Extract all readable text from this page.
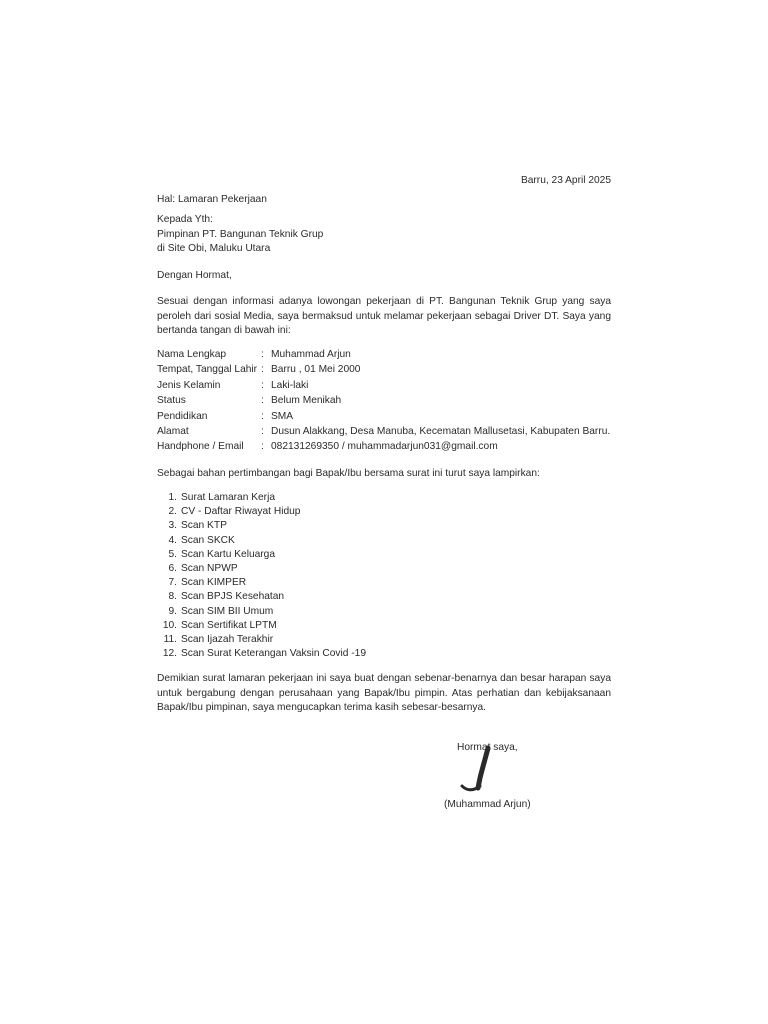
Barru, 23 April 2025
Hal: Lamaran Pekerjaan
Kepada Yth:
Pimpinan PT. Bangunan Teknik Grup
di Site Obi, Maluku Utara
Dengan Hormat,
Sesuai dengan informasi adanya lowongan pekerjaan di PT. Bangunan Teknik Grup yang saya peroleh dari sosial Media, saya bermaksud untuk melamar pekerjaan sebagai Driver DT. Saya yang bertanda tangan di bawah ini:
Nama Lengkap	:	Muhammad Arjun
Tempat, Tanggal Lahir	:	Barru , 01 Mei 2000
Jenis Kelamin	:	Laki-laki
Status	:	Belum Menikah
Pendidikan	:	SMA
Alamat	:	Dusun Alakkang, Desa Manuba, Kecematan Mallusetasi, Kabupaten Barru.
Handphone / Email	:	082131269350 / muhammadarjun031@gmail.com
Sebagai bahan pertimbangan bagi Bapak/Ibu bersama surat ini turut saya lampirkan:
1. Surat Lamaran Kerja
2. CV - Daftar Riwayat Hidup
3. Scan KTP
4. Scan SKCK
5. Scan Kartu Keluarga
6. Scan NPWP
7. Scan KIMPER
8. Scan BPJS Kesehatan
9. Scan SIM BII Umum
10. Scan Sertifikat LPTM
11. Scan Ijazah Terakhir
12. Scan Surat Keterangan Vaksin Covid -19
Demikian surat lamaran pekerjaan ini saya buat dengan sebenar-benarnya dan besar harapan saya untuk bergabung dengan perusahaan yang Bapak/Ibu pimpin. Atas perhatian dan kebijaksanaan Bapak/Ibu pimpinan, saya mengucapkan terima kasih sebesar-besarnya.
Hormat saya,
(Muhammad Arjun)
